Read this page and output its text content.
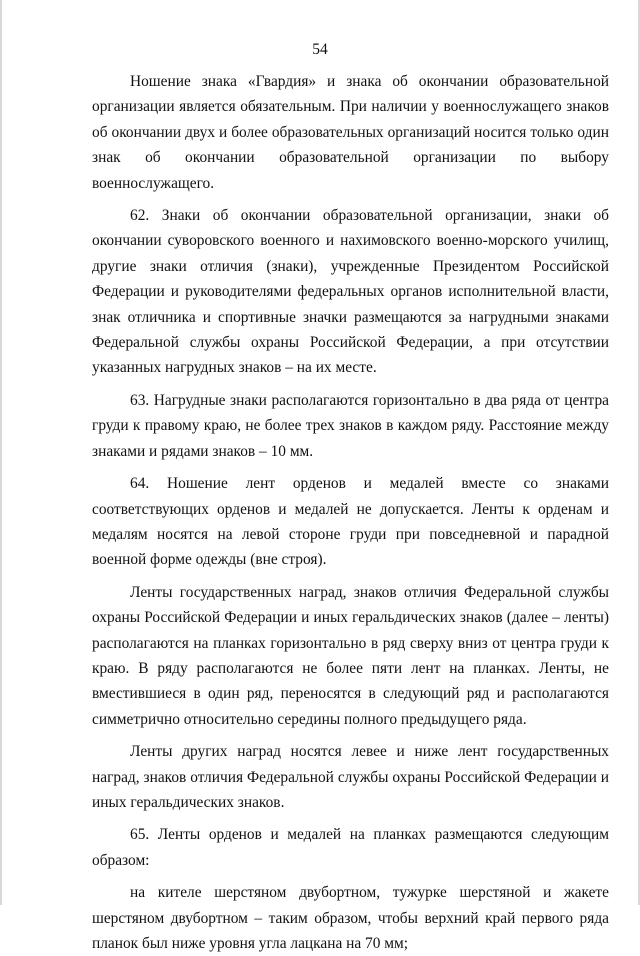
54

Ношение знака «Гвардия» и знака об окончании образовательной организации является обязательным. При наличии у военнослужащего знаков об окончании двух и более образовательных организаций носится только один знак об окончании образовательной организации по выбору военнослужащего.

62. Знаки об окончании образовательной организации, знаки об окончании суворовского военного и нахимовского военно-морского училищ, другие знаки отличия (знаки), учрежденные Президентом Российской Федерации и руководителями федеральных органов исполнительной власти, знак отличника и спортивные значки размещаются за нагрудными знаками Федеральной службы охраны Российской Федерации, а при отсутствии указанных нагрудных знаков – на их месте.

63. Нагрудные знаки располагаются горизонтально в два ряда от центра груди к правому краю, не более трех знаков в каждом ряду. Расстояние между знаками и рядами знаков – 10 мм.

64. Ношение лент орденов и медалей вместе со знаками соответствующих орденов и медалей не допускается. Ленты к орденам и медалям носятся на левой стороне груди при повседневной и парадной военной форме одежды (вне строя).

Ленты государственных наград, знаков отличия Федеральной службы охраны Российской Федерации и иных геральдических знаков (далее – ленты) располагаются на планках горизонтально в ряд сверху вниз от центра груди к краю. В ряду располагаются не более пяти лент на планках. Ленты, не вместившиеся в один ряд, переносятся в следующий ряд и располагаются симметрично относительно середины полного предыдущего ряда.

Ленты других наград носятся левее и ниже лент государственных наград, знаков отличия Федеральной службы охраны Российской Федерации и иных геральдических знаков.

65. Ленты орденов и медалей на планках размещаются следующим образом:

на кителе шерстяном двубортном, тужурке шерстяной и жакете шерстяном двубортном – таким образом, чтобы верхний край первого ряда планок был ниже уровня угла лацкана на 70 мм;
